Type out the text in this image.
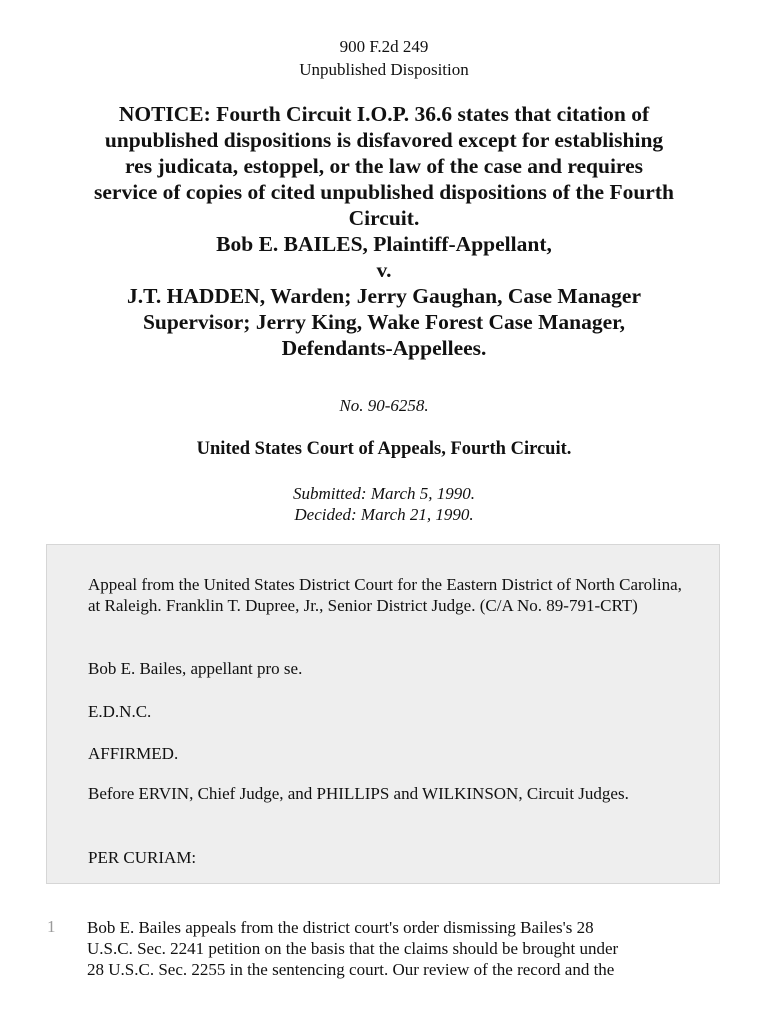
900 F.2d 249
Unpublished Disposition
NOTICE: Fourth Circuit I.O.P. 36.6 states that citation of
unpublished dispositions is disfavored except for establishing
res judicata, estoppel, or the law of the case and requires
service of copies of cited unpublished dispositions of the Fourth
Circuit.
Bob E. BAILES, Plaintiff-Appellant,
v.
J.T. HADDEN, Warden; Jerry Gaughan, Case Manager
Supervisor; Jerry King, Wake Forest Case Manager,
Defendants-Appellees.
No. 90-6258.
United States Court of Appeals, Fourth Circuit.
Submitted: March 5, 1990.
Decided: March 21, 1990.

Appeal from the United States District Court for the Eastern District of North Carolina, at Raleigh. Franklin T. Dupree, Jr., Senior District Judge. (C/A No. 89-791-CRT)

Bob E. Bailes, appellant pro se.

E.D.N.C.

AFFIRMED.

Before ERVIN, Chief Judge, and PHILLIPS and WILKINSON, Circuit Judges.

PER CURIAM:

1 Bob E. Bailes appeals from the district court's order dismissing Bailes's 28
U.S.C. Sec. 2241 petition on the basis that the claims should be brought under
28 U.S.C. Sec. 2255 in the sentencing court. Our review of the record and the
